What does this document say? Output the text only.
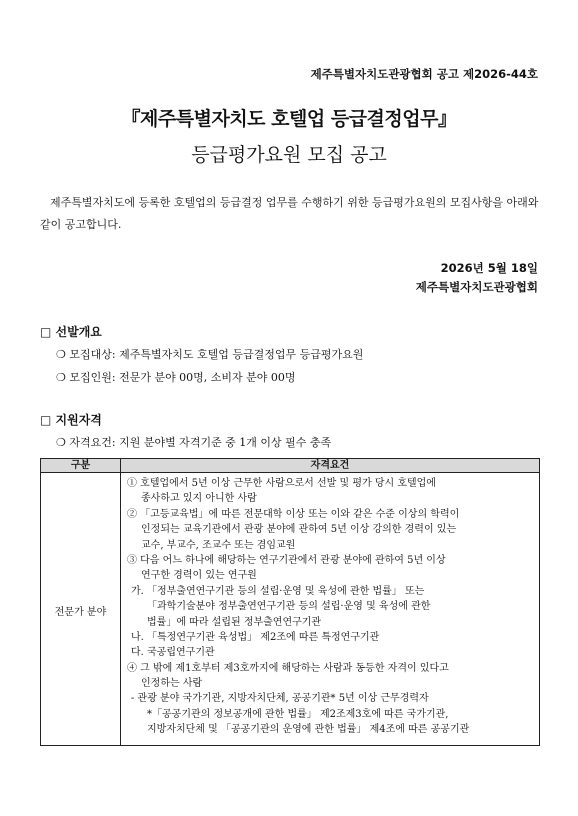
제주특별자치도관광협회 공고 제2026-44호
『제주특별자치도 호텔업 등급결정업무』
등급평가요원 모집 공고

제주특별자치도에 등록한 호텔업의 등급결정 업무를 수행하기 위한 등급평가요원의 모집사항을 아래와 같이 공고합니다.

2026년 5월 18일
제주특별자치도관광협회
□ 선발개요
❍ 모집대상: 제주특별자치도 호텔업 등급결정업무 등급평가요원
❍ 모집인원: 전문가 분야 00명, 소비자 분야 00명
□ 지원자격
❍ 자격요건: 지원 분야별 자격기준 중 1개 이상 필수 충족
구분	자격요건
전문가 분야
① 호텔업에서 5년 이상 근무한 사람으로서 선발 및 평가 당시 호텔업에
종사하고 있지 아니한 사람
② 「고등교육법」에 따른 전문대학 이상 또는 이와 같은 수준 이상의 학력이
인정되는 교육기관에서 관광 분야에 관하여 5년 이상 강의한 경력이 있는
교수, 부교수, 조교수 또는 겸임교원
③ 다음 어느 하나에 해당하는 연구기관에서 관광 분야에 관하여 5년 이상
연구한 경력이 있는 연구원
가. 「정부출연연구기관 등의 설립·운영 및 육성에 관한 법률」 또는
「과학기술분야 정부출연연구기관 등의 설립·운영 및 육성에 관한
법률」에 따라 설립된 정부출연연구기관
나. 「특정연구기관 육성법」 제2조에 따른 특정연구기관
다. 국공립연구기관
④ 그 밖에 제1호부터 제3호까지에 해당하는 사람과 동등한 자격이 있다고
인정하는 사람
- 관광 분야 국가기관, 지방자치단체, 공공기관* 5년 이상 근무경력자
*「공공기관의 정보공개에 관한 법률」 제2조제3호에 따른 국가기관,
지방자치단체 및 「공공기관의 운영에 관한 법률」 제4조에 따른 공공기관
